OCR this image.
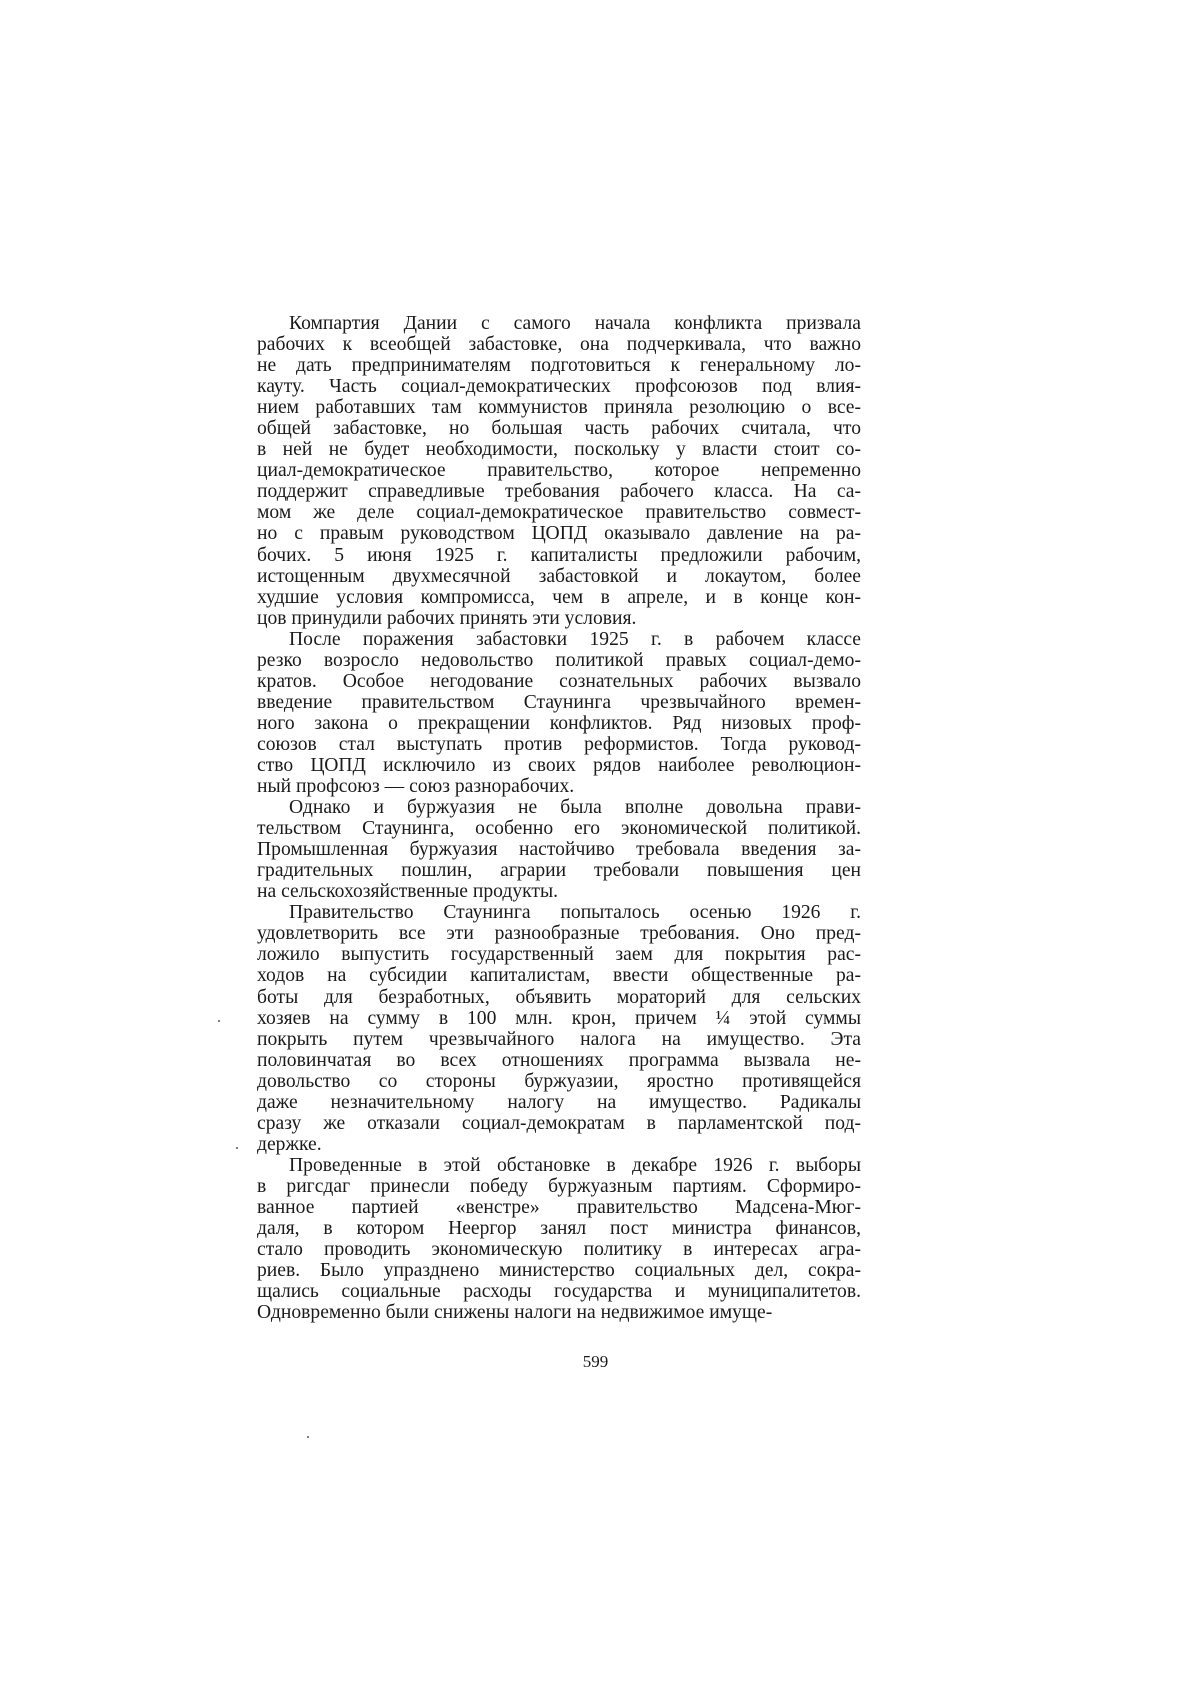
Компартия Дании с самого начала конфликта призвала
рабочих к всеобщей забастовке, она подчеркивала, что важно
не дать предпринимателям подготовиться к генеральному ло-
кауту. Часть социал-демократических профсоюзов под влия-
нием работавших там коммунистов приняла резолюцию о все-
общей забастовке, но большая часть рабочих считала, что
в ней не будет необходимости, поскольку у власти стоит со-
циал-демократическое правительство, которое непременно
поддержит справедливые требования рабочего класса. На са-
мом же деле социал-демократическое правительство совмест-
но с правым руководством ЦОПД оказывало давление на ра-
бочих. 5 июня 1925 г. капиталисты предложили рабочим,
истощенным двухмесячной забастовкой и локаутом, более
худшие условия компромисса, чем в апреле, и в конце кон-
цов принудили рабочих принять эти условия.
После поражения забастовки 1925 г. в рабочем классе
резко возросло недовольство политикой правых социал-демо-
кратов. Особое негодование сознательных рабочих вызвало
введение правительством Стаунинга чрезвычайного времен-
ного закона о прекращении конфликтов. Ряд низовых проф-
союзов стал выступать против реформистов. Тогда руковод-
ство ЦОПД исключило из своих рядов наиболее революцион-
ный профсоюз — союз разнорабочих.
Однако и буржуазия не была вполне довольна прави-
тельством Стаунинга, особенно его экономической политикой.
Промышленная буржуазия настойчиво требовала введения за-
градительных пошлин, аграрии требовали повышения цен
на сельскохозяйственные продукты.
Правительство Стаунинга попыталось осенью 1926 г.
удовлетворить все эти разнообразные требования. Оно пред-
ложило выпустить государственный заем для покрытия рас-
ходов на субсидии капиталистам, ввести общественные ра-
боты для безработных, объявить мораторий для сельских
хозяев на сумму в 100 млн. крон, причем ¼ этой суммы
покрыть путем чрезвычайного налога на имущество. Эта
половинчатая во всех отношениях программа вызвала не-
довольство со стороны буржуазии, яростно противящейся
даже незначительному налогу на имущество. Радикалы
сразу же отказали социал-демократам в парламентской под-
держке.
Проведенные в этой обстановке в декабре 1926 г. выборы
в ригсдаг принесли победу буржуазным партиям. Сформиро-
ванное партией «венстре» правительство Мадсена-Мюг-
даля, в котором Неергор занял пост министра финансов,
стало проводить экономическую политику в интересах агра-
риев. Было упразднено министерство социальных дел, сокра-
щались социальные расходы государства и муниципалитетов.
Одновременно были снижены налоги на недвижимое имуще-
599
